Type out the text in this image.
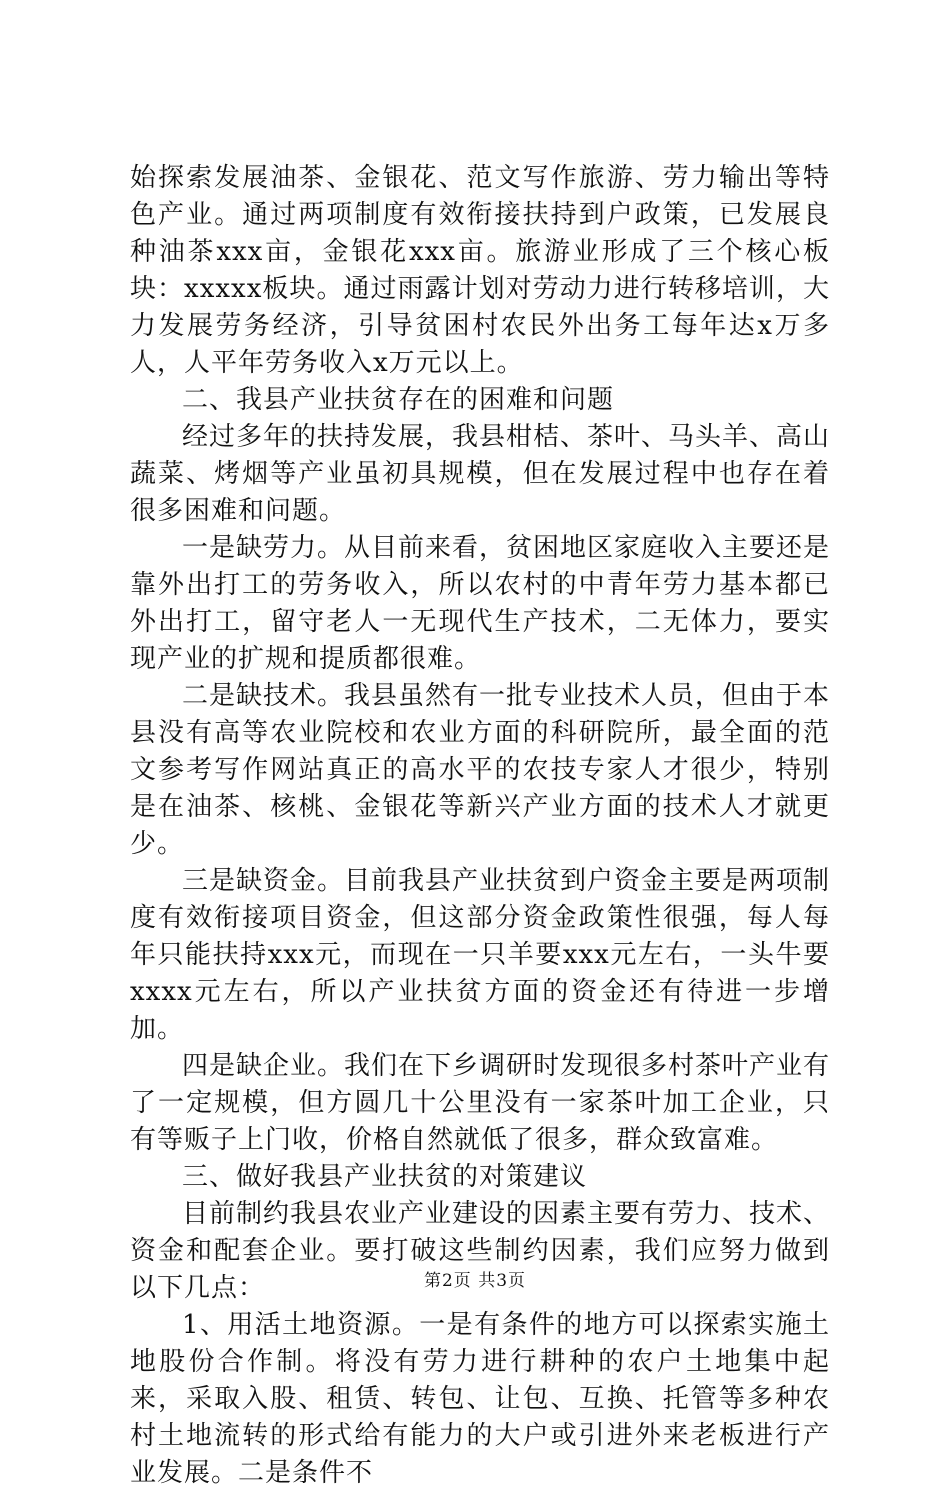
始探索发展油茶、金银花、范文写作旅游、劳力输出等特色产业。通过两项制度有效衔接扶持到户政策，已发展良种油茶xxx亩，金银花xxx亩。旅游业形成了三个核心板块：xxxxx板块。通过雨露计划对劳动力进行转移培训，大力发展劳务经济，引导贫困村农民外出务工每年达x万多人，人平年劳务收入x万元以上。

二、我县产业扶贫存在的困难和问题

经过多年的扶持发展，我县柑桔、茶叶、马头羊、高山蔬菜、烤烟等产业虽初具规模，但在发展过程中也存在着很多困难和问题。

一是缺劳力。从目前来看，贫困地区家庭收入主要还是靠外出打工的劳务收入，所以农村的中青年劳力基本都已外出打工，留守老人一无现代生产技术，二无体力，要实现产业的扩规和提质都很难。

二是缺技术。我县虽然有一批专业技术人员，但由于本县没有高等农业院校和农业方面的科研院所，最全面的范文参考写作网站真正的高水平的农技专家人才很少，特别是在油茶、核桃、金银花等新兴产业方面的技术人才就更少。

三是缺资金。目前我县产业扶贫到户资金主要是两项制度有效衔接项目资金，但这部分资金政策性很强，每人每年只能扶持xxx元，而现在一只羊要xxx元左右，一头牛要xxxx元左右，所以产业扶贫方面的资金还有待进一步增加。

四是缺企业。我们在下乡调研时发现很多村茶叶产业有了一定规模，但方圆几十公里没有一家茶叶加工企业，只有等贩子上门收，价格自然就低了很多，群众致富难。

三、做好我县产业扶贫的对策建议

目前制约我县农业产业建设的因素主要有劳力、技术、资金和配套企业。要打破这些制约因素，我们应努力做到以下几点：

1、用活土地资源。一是有条件的地方可以探索实施土地股份合作制。将没有劳力进行耕种的农户土地集中起来，采取入股、租赁、转包、让包、互换、托管等多种农村土地流转的形式给有能力的大户或引进外来老板进行产业发展。二是条件不

第2页 共3页
